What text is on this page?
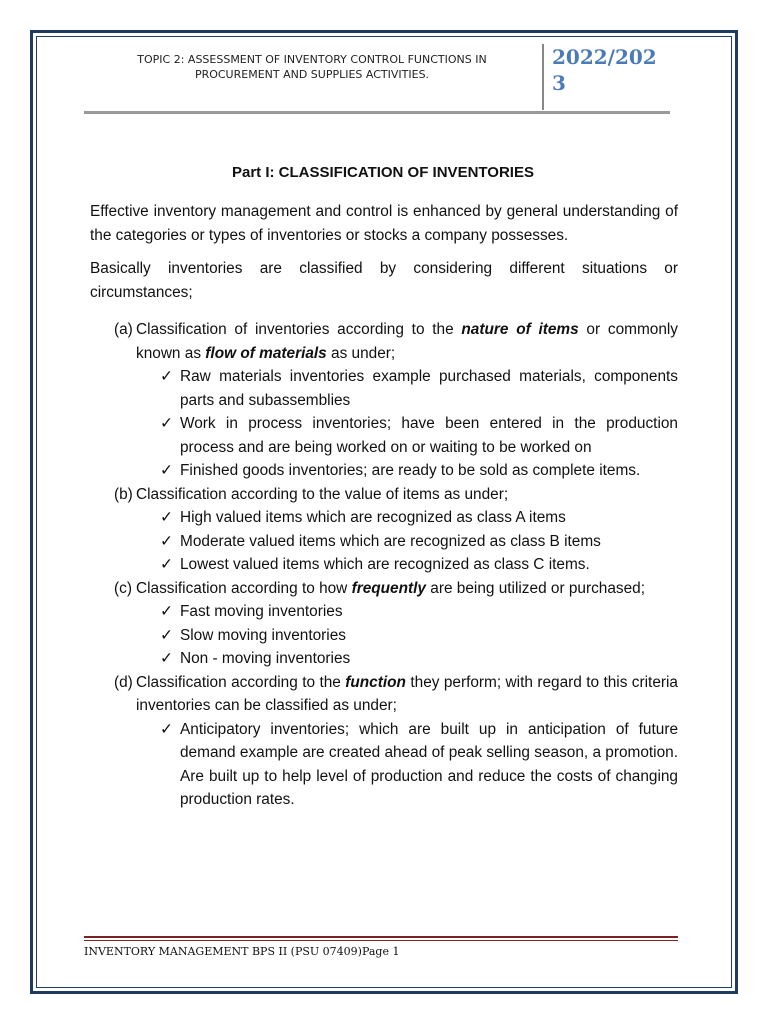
TOPIC 2: ASSESSMENT OF INVENTORY CONTROL FUNCTIONS IN
PROCUREMENT AND SUPPLIES ACTIVITIES.
2022/202
3
Part I: CLASSIFICATION OF INVENTORIES

Effective inventory management and control is enhanced by general understanding of the categories or types of inventories or stocks a company possesses.

Basically inventories are classified by considering different situations or circumstances;

(a) Classification of inventories according to the nature of items or commonly known as flow of materials as under;
✓ Raw materials inventories example purchased materials, components parts and subassemblies
✓ Work in process inventories; have been entered in the production process and are being worked on or waiting to be worked on
✓ Finished goods inventories; are ready to be sold as complete items.
(b) Classification according to the value of items as under;
✓ High valued items which are recognized as class A items
✓ Moderate valued items which are recognized as class B items
✓ Lowest valued items which are recognized as class C items.
(c) Classification according to how frequently are being utilized or purchased;
✓ Fast moving inventories
✓ Slow moving inventories
✓ Non - moving inventories
(d) Classification according to the function they perform; with regard to this criteria inventories can be classified as under;
✓ Anticipatory inventories; which are built up in anticipation of future demand example are created ahead of peak selling season, a promotion. Are built up to help level of production and reduce the costs of changing production rates.
INVENTORY MANAGEMENT BPS II (PSU 07409)Page 1
